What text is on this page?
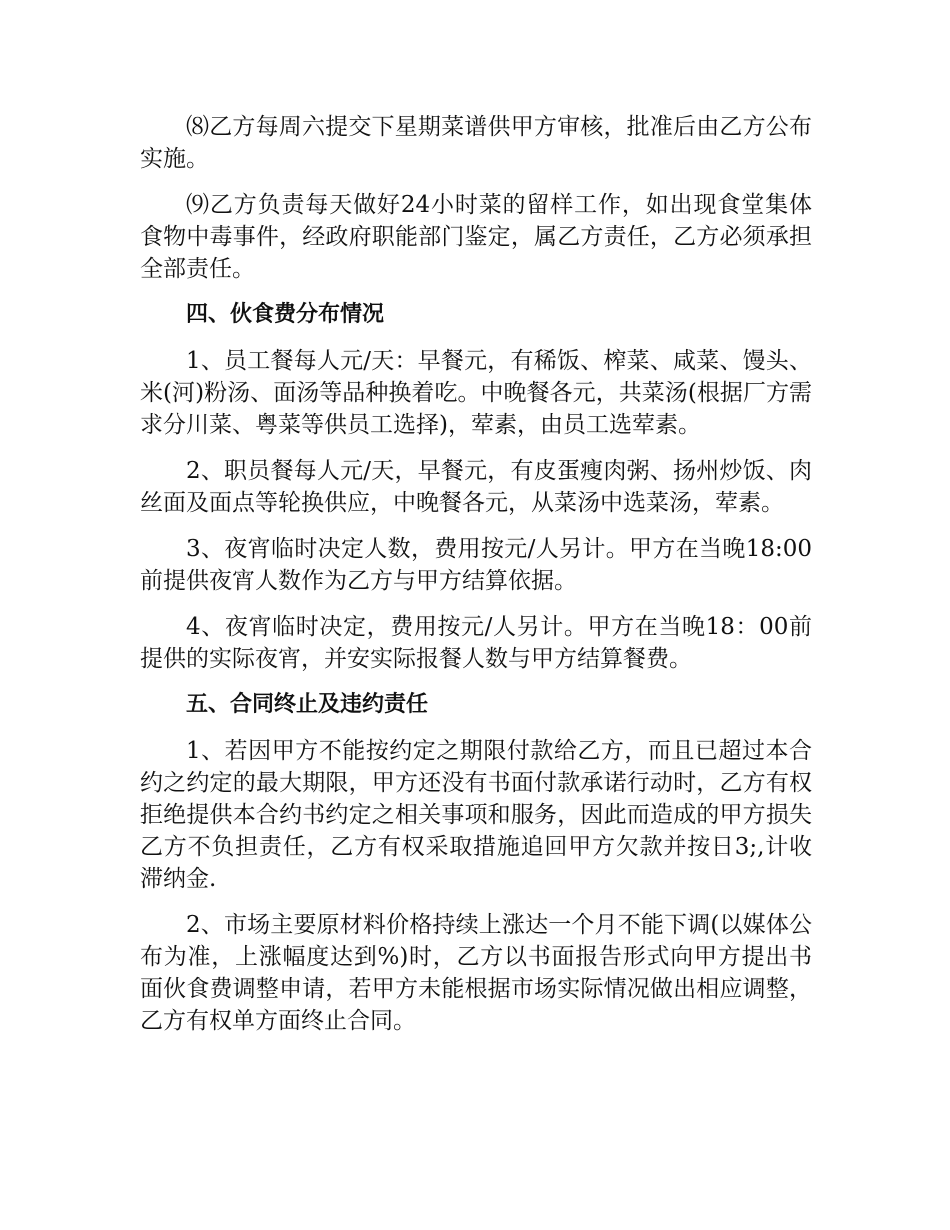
⑻乙方每周六提交下星期菜谱供甲方审核，批准后由乙方公布实施。

⑼乙方负责每天做好24小时菜的留样工作，如出现食堂集体食物中毒事件，经政府职能部门鉴定，属乙方责任，乙方必须承担全部责任。

四、伙食费分布情况

1、员工餐每人元/天：早餐元，有稀饭、榨菜、咸菜、馒头、米(河)粉汤、面汤等品种换着吃。中晚餐各元，共菜汤(根据厂方需求分川菜、粤菜等供员工选择)，荤素，由员工选荤素。

2、职员餐每人元/天，早餐元，有皮蛋瘦肉粥、扬州炒饭、肉丝面及面点等轮换供应，中晚餐各元，从菜汤中选菜汤，荤素。

3、夜宵临时决定人数，费用按元/人另计。甲方在当晚18:00前提供夜宵人数作为乙方与甲方结算依据。

4、夜宵临时决定，费用按元/人另计。甲方在当晚18：00前提供的实际夜宵，并安实际报餐人数与甲方结算餐费。

五、合同终止及违约责任

1、若因甲方不能按约定之期限付款给乙方，而且已超过本合约之约定的最大期限，甲方还没有书面付款承诺行动时，乙方有权拒绝提供本合约书约定之相关事项和服务，因此而造成的甲方损失乙方不负担责任，乙方有权采取措施追回甲方欠款并按日3;,计收滞纳金.

2、市场主要原材料价格持续上涨达一个月不能下调(以媒体公布为准，上涨幅度达到%)时，乙方以书面报告形式向甲方提出书面伙食费调整申请，若甲方未能根据市场实际情况做出相应调整，乙方有权单方面终止合同。
